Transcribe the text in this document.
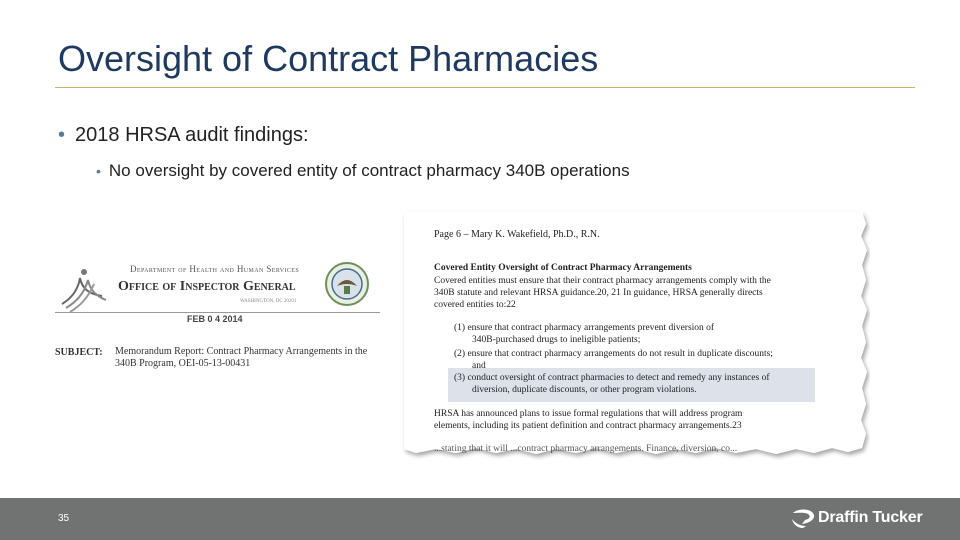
Oversight of Contract Pharmacies
• 2018 HRSA audit findings:
• No oversight by covered entity of contract pharmacy 340B operations
Department of Health and Human Services
Office of Inspector General
WASHINGTON, DC 20201
FEB 0 4 2014
SUBJECT: Memorandum Report: Contract Pharmacy Arrangements in the
340B Program, OEI-05-13-00431
Page 6 – Mary K. Wakefield, Ph.D., R.N.
Covered Entity Oversight of Contract Pharmacy Arrangements
Covered entities must ensure that their contract pharmacy arrangements comply with the
340B statute and relevant HRSA guidance.20, 21 In guidance, HRSA generally directs
covered entities to:22
(1) ensure that contract pharmacy arrangements prevent diversion of
340B-purchased drugs to ineligible patients;
(2) ensure that contract pharmacy arrangements do not result in duplicate discounts;
and
(3) conduct oversight of contract pharmacies to detect and remedy any instances of
diversion, duplicate discounts, or other program violations.
HRSA has announced plans to issue formal regulations that will address program
elements, including its patient definition and contract pharmacy arrangements.23
...stating that it will ...contract pharmacy arrangements. Finance, diversion, co...
35	Draffin Tucker
